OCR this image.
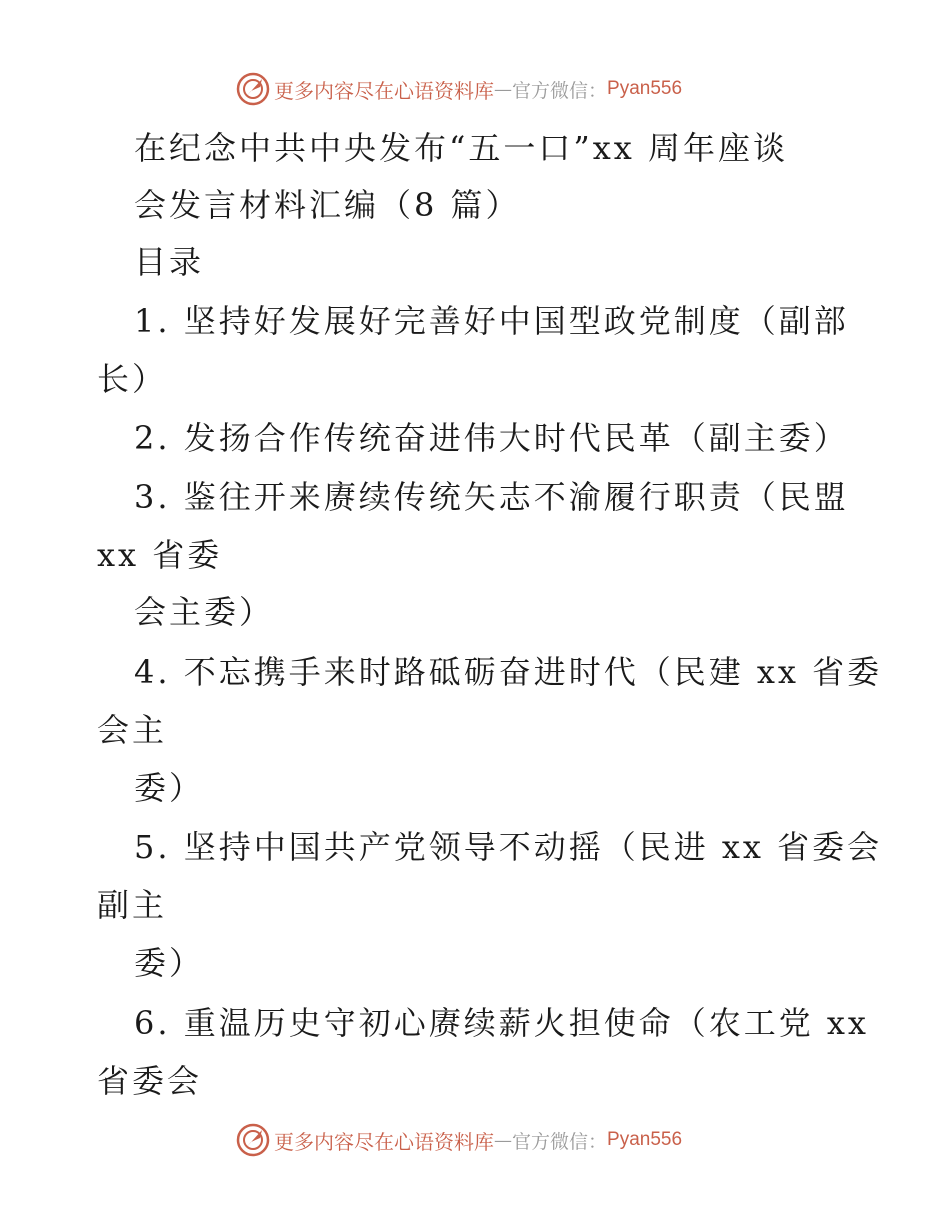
更多内容尽在心语资料库 — 官方微信： Pyan556
在纪念中共中央发布“五一口”xx 周年座谈
会发言材料汇编（8 篇）
目录
1. 坚持好发展好完善好中国型政党制度（副部
长）
2. 发扬合作传统奋进伟大时代民革（副主委）
3. 鉴往开来赓续传统矢志不渝履行职责（民盟
xx 省委
会主委）
4. 不忘携手来时路砥砺奋进时代（民建 xx 省委
会主
委）
5. 坚持中国共产党领导不动摇（民进 xx 省委会
副主
委）
6. 重温历史守初心赓续薪火担使命（农工党 xx
省委会
更多内容尽在心语资料库 — 官方微信： Pyan556
